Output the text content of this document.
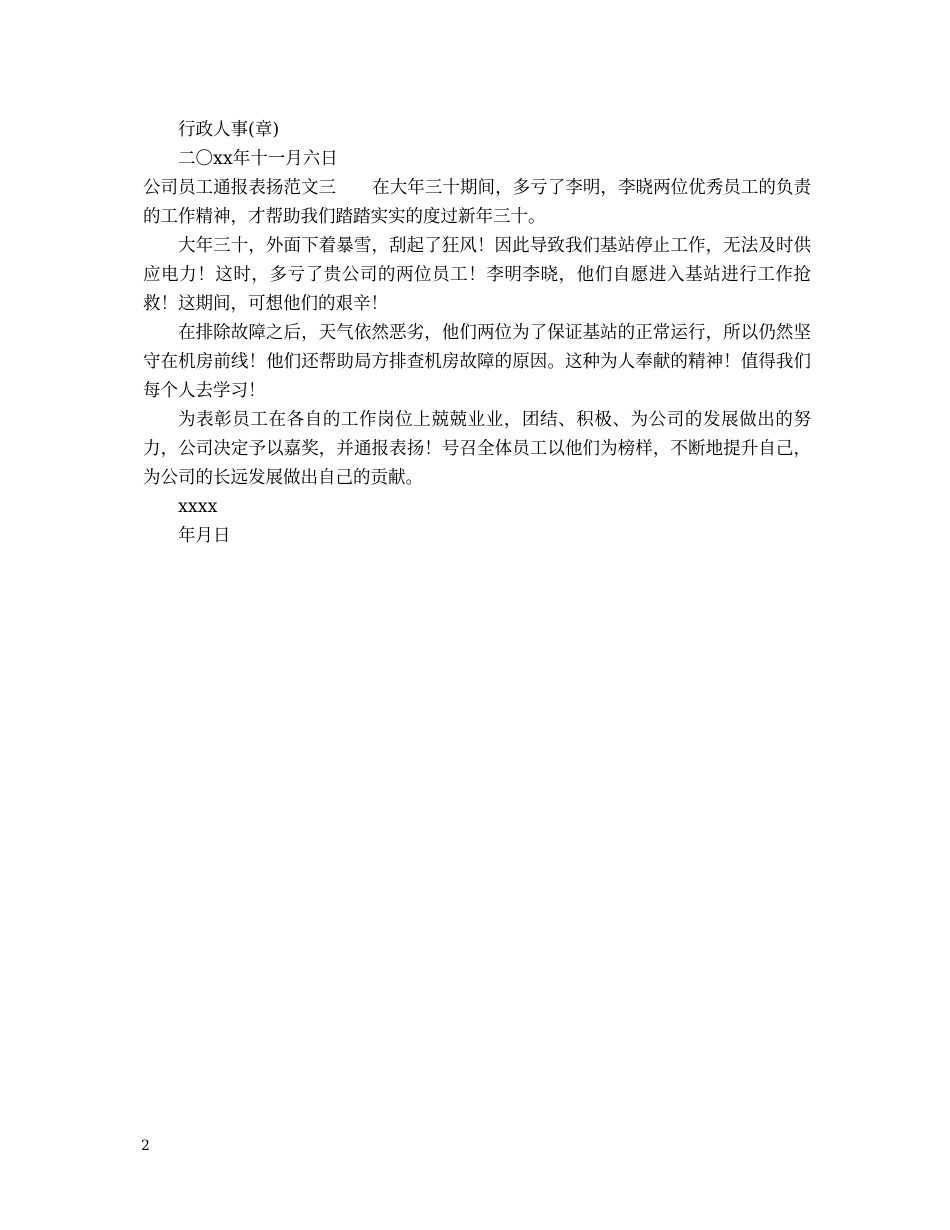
行政人事(章)

二〇xx年十一月六日

公司员工通报表扬范文三 在大年三十期间，多亏了李明，李晓两位优秀员工的负责的工作精神，才帮助我们踏踏实实的度过新年三十。

大年三十，外面下着暴雪，刮起了狂风！因此导致我们基站停止工作，无法及时供应电力！这时，多亏了贵公司的两位员工！李明李晓，他们自愿进入基站进行工作抢救！这期间，可想他们的艰辛！

在排除故障之后，天气依然恶劣，他们两位为了保证基站的正常运行，所以仍然坚守在机房前线！他们还帮助局方排查机房故障的原因。这种为人奉献的精神！值得我们每个人去学习！

为表彰员工在各自的工作岗位上兢兢业业，团结、积极、为公司的发展做出的努力，公司决定予以嘉奖，并通报表扬！号召全体员工以他们为榜样，不断地提升自己，为公司的长远发展做出自己的贡献。

xxxx

年月日

2
